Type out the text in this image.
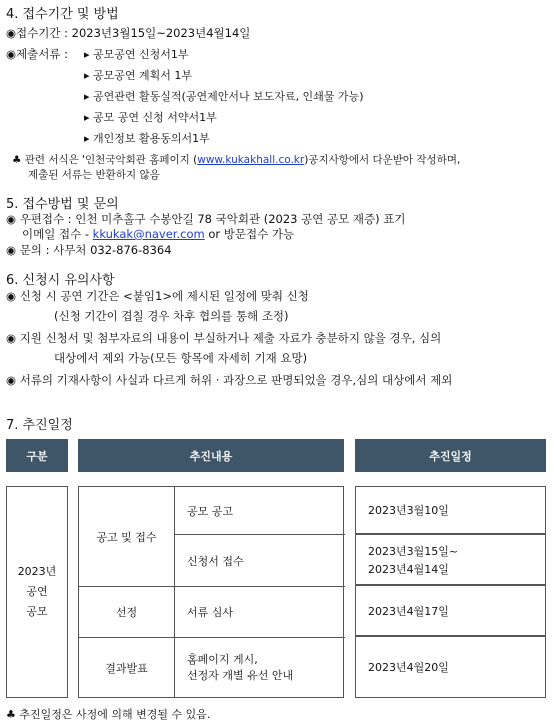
4. 접수기간 및 방법
◉접수기간 : 2023년3월15일~2023년4월14일
◉제출서류 : ▸ 공모공연 신청서1부
▸ 공모공연 계획서 1부
▸ 공연관련 활동실적(공연제안서나 보도자료, 인쇄물 가능)
▸ 공모 공연 신청 서약서1부
▸ 개인정보 활용동의서1부
♣ 관련 서식은 '인천국악회관 홈페이지 (www.kukakhall.co.kr)공지사항에서 다운받아 작성하며,
제출된 서류는 반환하지 않음
5. 접수방법 및 문의
◉ 우편접수 : 인천 미추홀구 수봉안길 78 국악회관 (2023 공연 공모 재증) 표기
이메일 접수 - kkukak@naver.com or 방문접수 가능
◉ 문의 : 사무처 032-876-8364
6. 신청시 유의사항
◉ 신청 시 공연 기간은 <붙임1>에 제시된 일정에 맞춰 신청
(신청 기간이 겹칠 경우 차후 협의를 통해 조정)
◉ 지원 신청서 및 첨부자료의 내용이 부실하거나 제출 자료가 충분하지 않을 경우, 심의
대상에서 제외 가능(모든 항목에 자세히 기재 요망)
◉ 서류의 기재사항이 사실과 다르게 허위 · 과장으로 판명되었을 경우,심의 대상에서 제외
7. 추진일정
구분	추진내용	추진일정
2023년
공연
공모
공고 및 접수
선정
결과발표
공모 공고
신청서 접수
서류 심사
홈페이지 게시,
선정자 개별 유선 안내
2023년3월10일
2023년3월15일~
2023년4월14일
2023년4월17일
2023년4월20일
♣ 추진일정은 사정에 의해 변경될 수 있음.
